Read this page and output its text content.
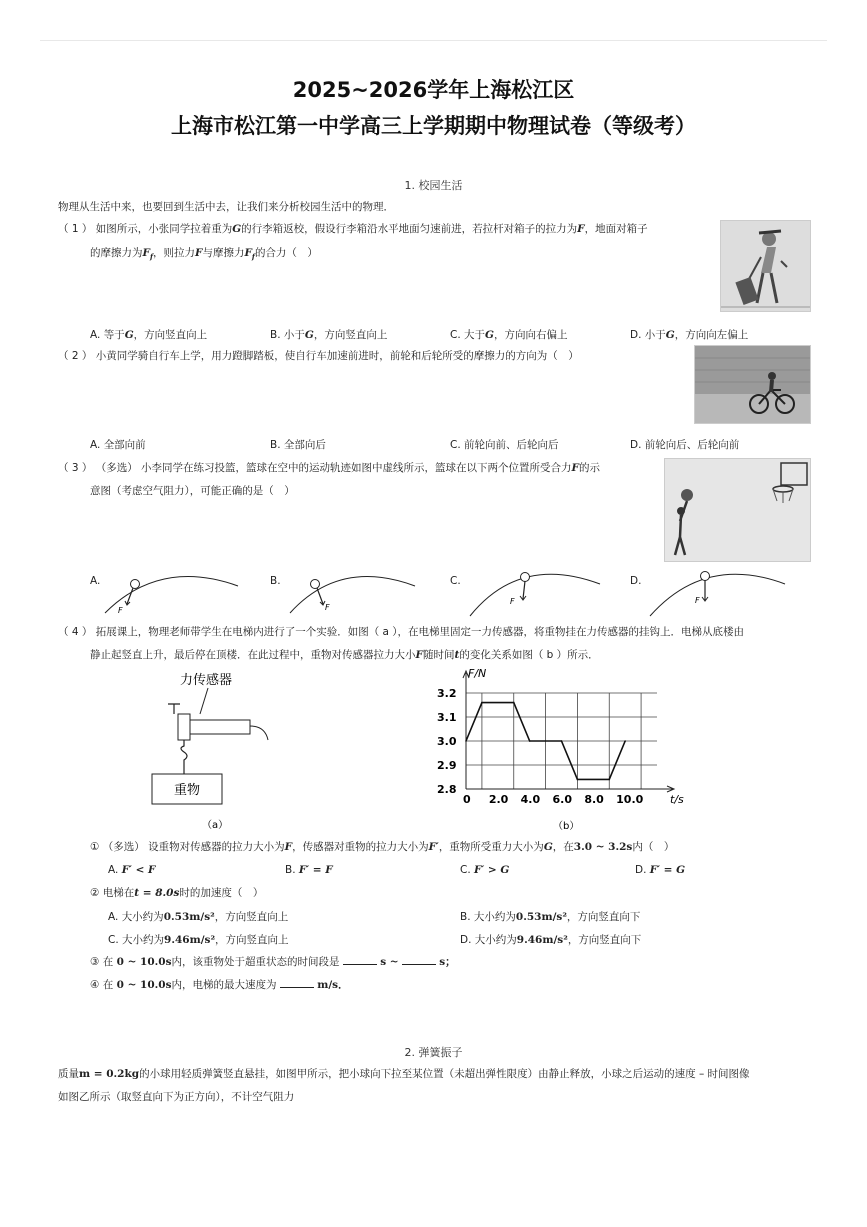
2025~2026学年上海松江区
上海市松江第一中学高三上学期期中物理试卷（等级考）
1. 校园生活
物理从生活中来，也要回到生活中去，让我们来分析校园生活中的物理．
（ 1 ） 如图所示，小张同学拉着重为G的行李箱返校，假设行李箱沿水平地面匀速前进，若拉杆对箱子的拉力为F，地面对箱子
的摩擦力为$F_f$，则拉力F与摩擦力$F_f$的合力（　）
A. 等于G，方向竖直向上	B. 小于G，方向竖直向上	C. 大于G，方向向右偏上	D. 小于G，方向向左偏上
（ 2 ） 小黄同学骑自行车上学，用力蹬脚踏板，使自行车加速前进时，前轮和后轮所受的摩擦力的方向为（　）
A. 全部向前	B. 全部向后	C. 前轮向前、后轮向后	D. 前轮向后、后轮向前
（ 3 ） （多选） 小李同学在练习投篮，篮球在空中的运动轨迹如图中虚线所示，篮球在以下两个位置所受合力F的示
意图（考虑空气阻力），可能正确的是（　）
A.
F
B.
F
C.
F
D.
F
（ 4 ） 拓展课上，物理老师带学生在电梯内进行了一个实验．如图（ a ），在电梯里固定一力传感器，将重物挂在力传感器的挂钩上．电梯从底楼由
静止起竖直上升，最后停在顶楼．在此过程中，重物对传感器拉力大小F随时间t的变化关系如图（ b ）所示．
力传感器
重物
（a）
F/N
t/s
（b）
2.8
2.9
3.0
3.1
3.2
0 2.0 4.0 6.0 8.0 10.0
① （多选） 设重物对传感器的拉力大小为F，传感器对重物的拉力大小为F′，重物所受重力大小为G，在3.0 ~ 3.2s内（　）
A. F′ < F	B. F′ = F	C. F′ > G	D. F′ = G
② 电梯在t = 8.0s时的加速度（　）
A. 大小约为0.53m/s²，方向竖直向上	B. 大小约为0.53m/s²，方向竖直向下
C. 大小约为9.46m/s²，方向竖直向上	D. 大小约为9.46m/s²，方向竖直向下
③ 在 0 ~ 10.0s内，该重物处于超重状态的时间段是	s ~	s；
④ 在 0 ~ 10.0s内，电梯的最大速度为	m/s．
2. 弹簧振子
质量m = 0.2kg的小球用轻质弹簧竖直悬挂，如图甲所示，把小球向下拉至某位置（未超出弹性限度）由静止释放，小球之后运动的速度 – 时间图像
如图乙所示（取竖直向下为正方向），不计空气阻力
